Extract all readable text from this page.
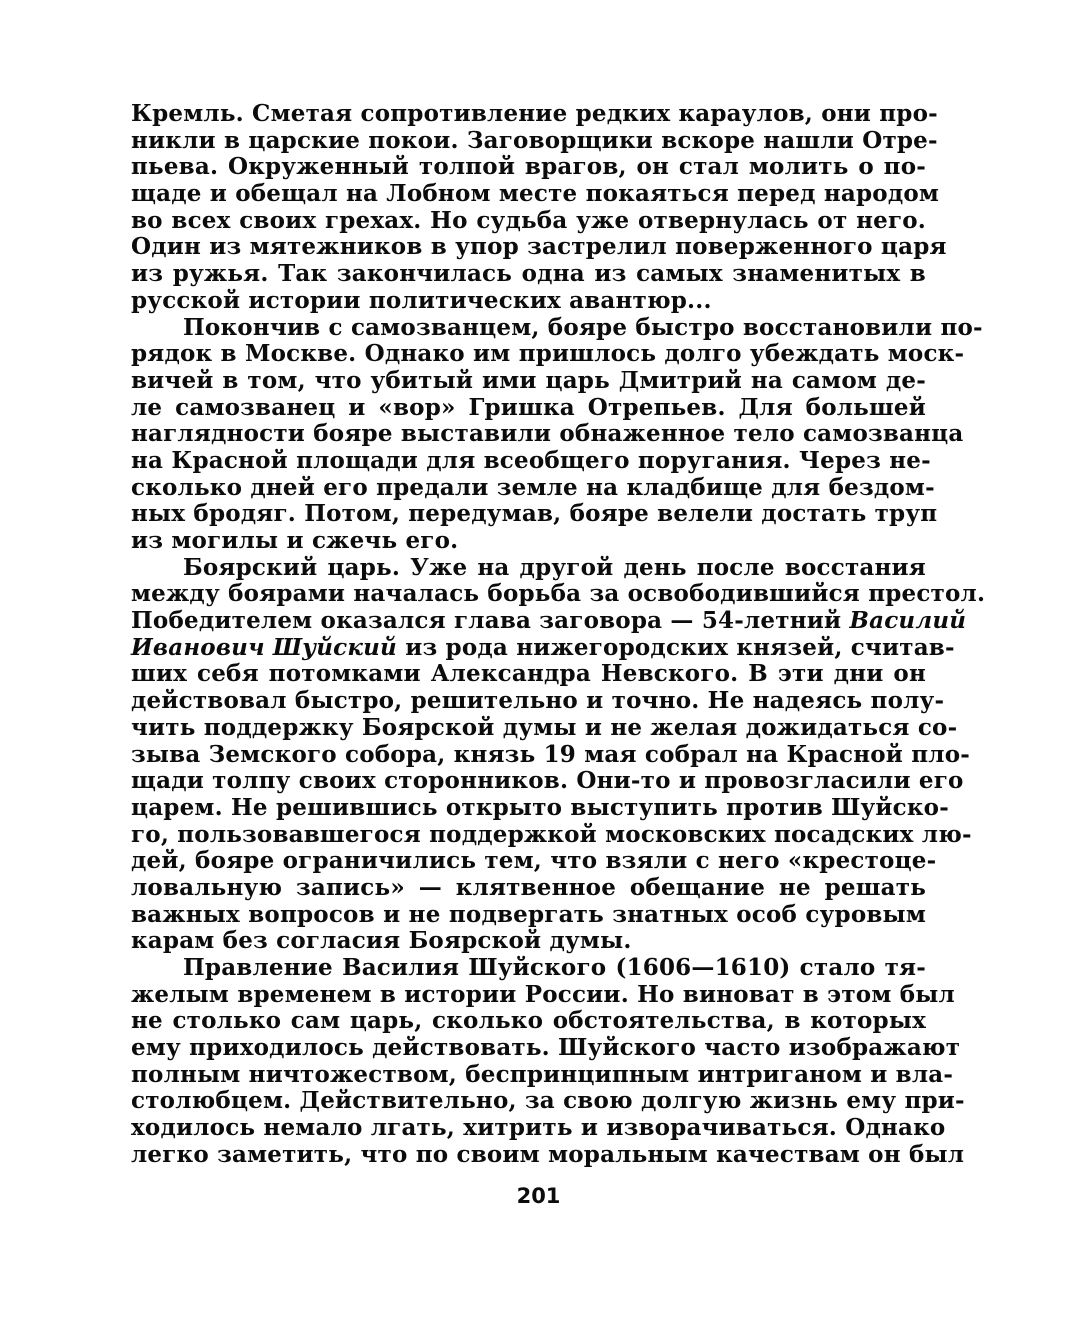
Кремль. Сметая сопротивление редких караулов, они про-
никли в царские покои. Заговорщики вскоре нашли Отре-
пьева. Окруженный толпой врагов, он стал молить о по-
щаде и обещал на Лобном месте покаяться перед народом
во всех своих грехах. Но судьба уже отвернулась от него.
Один из мятежников в упор застрелил поверженного царя
из ружья. Так закончилась одна из самых знаменитых в
русской истории политических авантюр...
Покончив с самозванцем, бояре быстро восстановили по-
рядок в Москве. Однако им пришлось долго убеждать моск-
вичей в том, что убитый ими царь Дмитрий на самом де-
ле самозванец и «вор» Гришка Отрепьев. Для большей
наглядности бояре выставили обнаженное тело самозванца
на Красной площади для всеобщего поругания. Через не-
сколько дней его предали земле на кладбище для бездом-
ных бродяг. Потом, передумав, бояре велели достать труп
из могилы и сжечь его.
Боярский царь. Уже на другой день после восстания
между боярами началась борьба за освободившийся престол.
Победителем оказался глава заговора — 54-летний Василий
Иванович Шуйский из рода нижегородских князей, считав-
ших себя потомками Александра Невского. В эти дни он
действовал быстро, решительно и точно. Не надеясь полу-
чить поддержку Боярской думы и не желая дожидаться со-
зыва Земского собора, князь 19 мая собрал на Красной пло-
щади толпу своих сторонников. Они-то и провозгласили его
царем. Не решившись открыто выступить против Шуйско-
го, пользовавшегося поддержкой московских посадских лю-
дей, бояре ограничились тем, что взяли с него «крестоце-
ловальную запись» — клятвенное обещание не решать
важных вопросов и не подвергать знатных особ суровым
карам без согласия Боярской думы.
Правление Василия Шуйского (1606—1610) стало тя-
желым временем в истории России. Но виноват в этом был
не столько сам царь, сколько обстоятельства, в которых
ему приходилось действовать. Шуйского часто изображают
полным ничтожеством, беспринципным интриганом и вла-
столюбцем. Действительно, за свою долгую жизнь ему при-
ходилось немало лгать, хитрить и изворачиваться. Однако
легко заметить, что по своим моральным качествам он был
201
